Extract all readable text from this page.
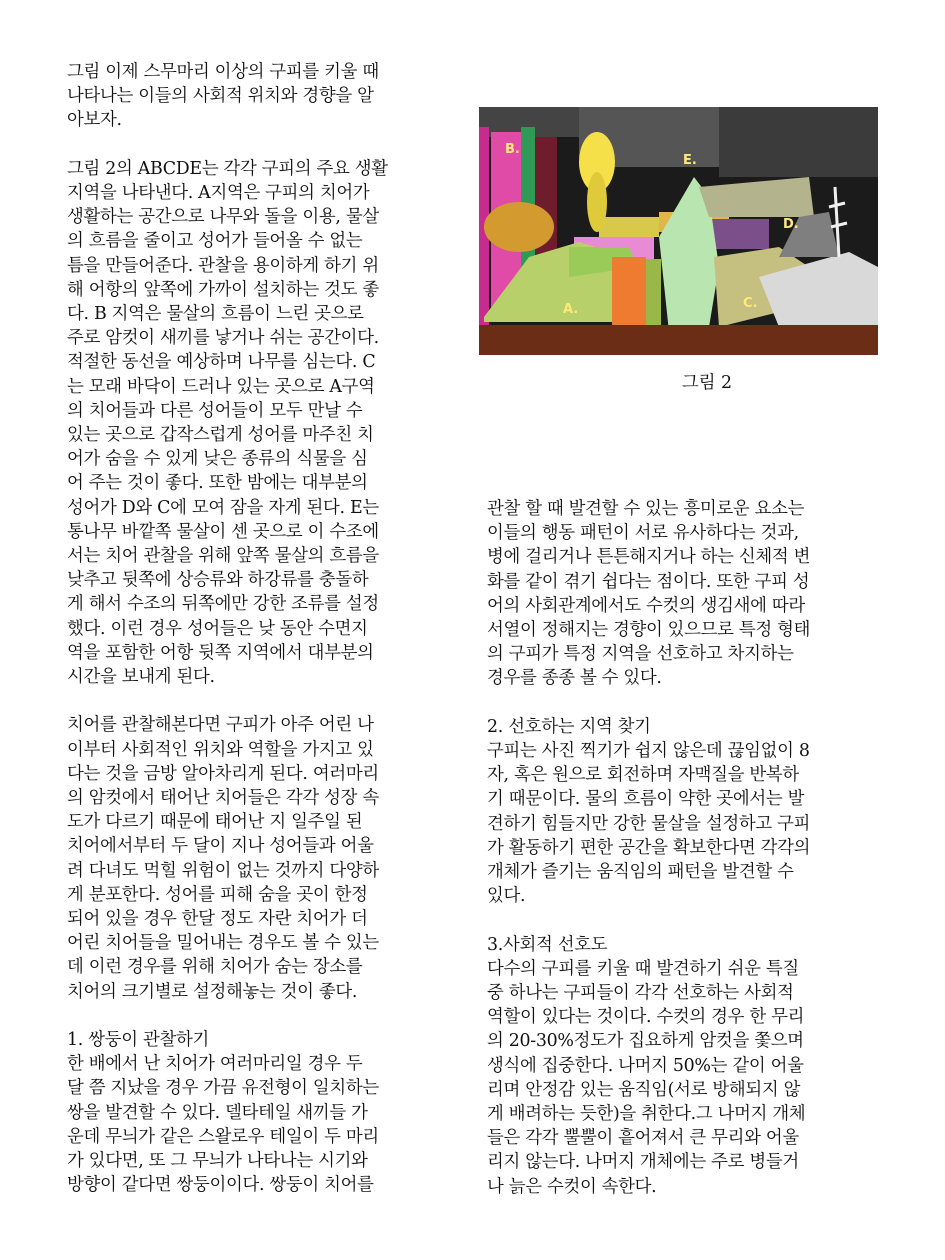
그림 이제 스무마리 이상의 구피를 키울 때
나타나는 이들의 사회적 위치와 경향을 알
아보자.

그림 2의 ABCDE는 각각 구피의 주요 생활
지역을 나타낸다. A지역은 구피의 치어가
생활하는 공간으로 나무와 돌을 이용, 물살
의 흐름을 줄이고 성어가 들어올 수 없는
틈을 만들어준다. 관찰을 용이하게 하기 위
해 어항의 앞쪽에 가까이 설치하는 것도 좋
다. B 지역은 물살의 흐름이 느린 곳으로
주로 암컷이 새끼를 낳거나 쉬는 공간이다.
적절한 동선을 예상하며 나무를 심는다. C
는 모래 바닥이 드러나 있는 곳으로 A구역
의 치어들과 다른 성어들이 모두 만날 수
있는 곳으로 갑작스럽게 성어를 마주친 치
어가 숨을 수 있게 낮은 종류의 식물을 심
어 주는 것이 좋다. 또한 밤에는 대부분의
성어가 D와 C에 모여 잠을 자게 된다. E는
통나무 바깥쪽 물살이 센 곳으로 이 수조에
서는 치어 관찰을 위해 앞쪽 물살의 흐름을
낮추고 뒷쪽에 상승류와 하강류를 충돌하
게 해서 수조의 뒤쪽에만 강한 조류를 설정
했다. 이런 경우 성어들은 낮 동안 수면지
역을 포함한 어항 뒷쪽 지역에서 대부분의
시간을 보내게 된다.

치어를 관찰해본다면 구피가 아주 어린 나
이부터 사회적인 위치와 역할을 가지고 있
다는 것을 금방 알아차리게 된다. 여러마리
의 암컷에서 태어난 치어들은 각각 성장 속
도가 다르기 때문에 태어난 지 일주일 된
치어에서부터 두 달이 지나 성어들과 어울
려 다녀도 먹힐 위험이 없는 것까지 다양하
게 분포한다. 성어를 피해 숨을 곳이 한정
되어 있을 경우 한달 정도 자란 치어가 더
어린 치어들을 밀어내는 경우도 볼 수 있는
데 이런 경우를 위해 치어가 숨는 장소를
치어의 크기별로 설정해놓는 것이 좋다.

1. 쌍둥이 관찰하기

한 배에서 난 치어가 여러마리일 경우 두
달 쯤 지났을 경우 가끔 유전형이 일치하는
쌍을 발견할 수 있다. 델타테일 새끼들 가
운데 무늬가 같은 스왈로우 테일이 두 마리
가 있다면, 또 그 무늬가 나타나는 시기와
방향이 같다면 쌍둥이이다. 쌍둥이 치어를

A.
B.
C.
D.
E.
그림 2

관찰 할 때 발견할 수 있는 흥미로운 요소는
이들의 행동 패턴이 서로 유사하다는 것과,
병에 걸리거나 튼튼해지거나 하는 신체적 변
화를 같이 겪기 쉽다는 점이다. 또한 구피 성
어의 사회관계에서도 수컷의 생김새에 따라
서열이 정해지는 경향이 있으므로 특정 형태
의 구피가 특정 지역을 선호하고 차지하는
경우를 종종 볼 수 있다.

2. 선호하는 지역 찾기

구피는 사진 찍기가 쉽지 않은데 끊임없이 8
자, 혹은 원으로 회전하며 자맥질을 반복하
기 때문이다. 물의 흐름이 약한 곳에서는 발
견하기 힘들지만 강한 물살을 설정하고 구피
가 활동하기 편한 공간을 확보한다면 각각의
개체가 즐기는 움직임의 패턴을 발견할 수
있다.

3.사회적 선호도

다수의 구피를 키울 때 발견하기 쉬운 특질
중 하나는 구피들이 각각 선호하는 사회적
역할이 있다는 것이다. 수컷의 경우 한 무리
의 20-30%정도가 집요하게 암컷을 쫓으며
생식에 집중한다. 나머지 50%는 같이 어울
리며 안정감 있는 움직임(서로 방해되지 않
게 배려하는 듯한)을 취한다.그 나머지 개체
들은 각각 뿔뿔이 흩어져서 큰 무리와 어울
리지 않는다. 나머지 개체에는 주로 병들거
나 늙은 수컷이 속한다.
